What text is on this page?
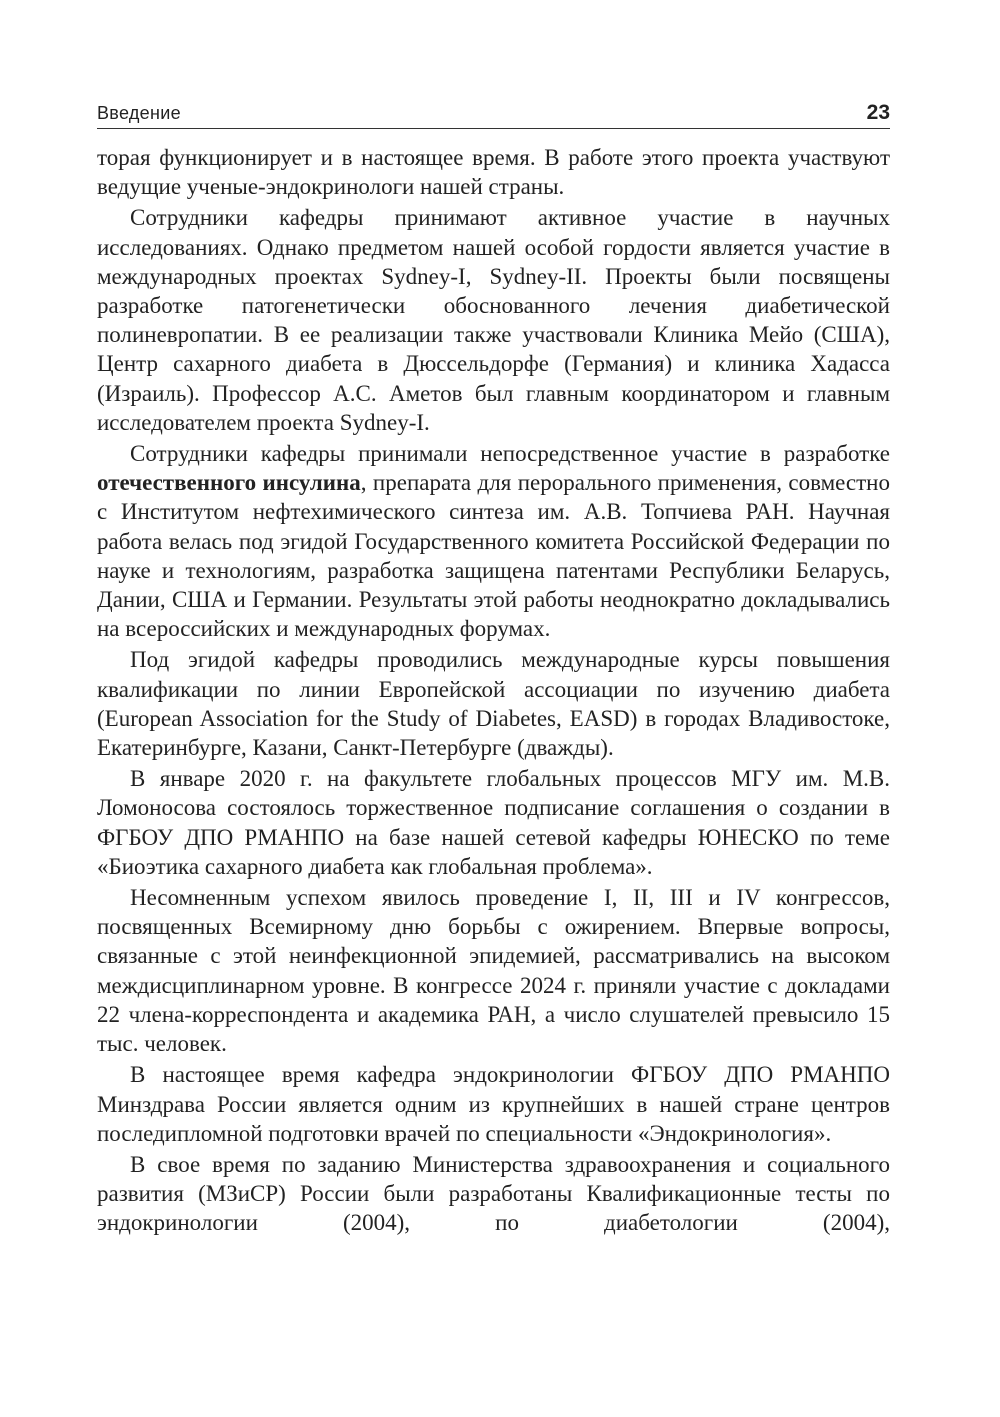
Введение	23

торая функционирует и в настоящее время. В работе этого проекта участвуют ведущие ученые-эндокринологи нашей страны.

Сотрудники кафедры принимают активное участие в научных исследованиях. Однако предметом нашей особой гордости является участие в международных проектах Sydney-I, Sydney-II. Проекты были посвящены разработке патогенетически обоснованного лечения диабетической полиневропатии. В ее реализации также участвовали Клиника Мейо (США), Центр сахарного диабета в Дюссельдорфе (Германия) и клиника Хадасса (Израиль). Профессор А.С. Аметов был главным координатором и главным исследователем проекта Sydney-I.

Сотрудники кафедры принимали непосредственное участие в разработке отечественного инсулина, препарата для перорального применения, совместно с Институтом нефтехимического синтеза им. А.В. Топчиева РАН. Научная работа велась под эгидой Государственного комитета Российской Федерации по науке и технологиям, разработка защищена патентами Республики Беларусь, Дании, США и Германии. Результаты этой работы неоднократно докладывались на всероссийских и международных форумах.

Под эгидой кафедры проводились международные курсы повышения квалификации по линии Европейской ассоциации по изучению диабета (European Association for the Study of Diabetes, EASD) в городах Владивостоке, Екатеринбурге, Казани, Санкт-Петербурге (дважды).

В январе 2020 г. на факультете глобальных процессов МГУ им. М.В. Ломоносова состоялось торжественное подписание соглашения о создании в ФГБОУ ДПО РМАНПО на базе нашей сетевой кафедры ЮНЕСКО по теме «Биоэтика сахарного диабета как глобальная проблема».

Несомненным успехом явилось проведение I, II, III и IV конгрессов, посвященных Всемирному дню борьбы с ожирением. Впервые вопросы, связанные с этой неинфекционной эпидемией, рассматривались на высоком междисциплинарном уровне. В конгрессе 2024 г. приняли участие с докладами 22 члена-корреспондента и академика РАН, а число слушателей превысило 15 тыс. человек.

В настоящее время кафедра эндокринологии ФГБОУ ДПО РМАНПО Минздрава России является одним из крупнейших в нашей стране центров последипломной подготовки врачей по специальности «Эндокринология».

В свое время по заданию Министерства здравоохранения и социального развития (МЗиСР) России были разработаны Квалификационные тесты по эндокринологии (2004), по диабетологии (2004),
